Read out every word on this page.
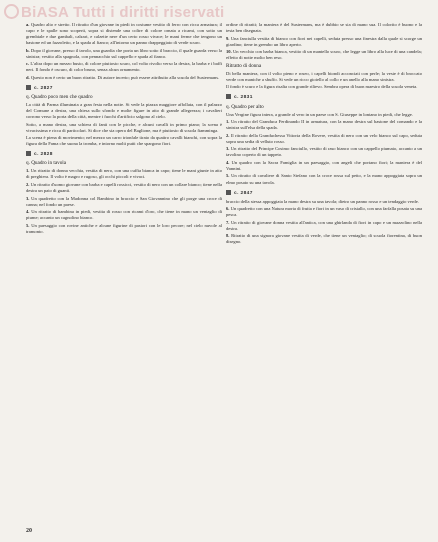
BiASA Tutti i diritti riservati

a. Quadro alto e stretto. Il ritratto d'un giovane in piedi in costume vestito di ferro con ricca armatura; il capo e le spalle sono scoperti, sopra si distende una coltre di colore ornata a ricami, con sotto un grembiale e due gambali, calzari, e calzette nere d'un certo rosso vivace; le mani ferme che tengono un bastone ed un fazzoletto, e la spada al fianco; all'intorno un panno drappeggiato di verde scuro.

b. Dopo il giovane, presso il tavolo, una guardia che porta un libro sotto il braccio, il quale guarda verso la sinistra; vestito alla spagnola, con pennacchio sul cappello e spada al fianco.

c. L'altra dopo un mezzo busto, di colore piuttosto scuro, col volto rivolto verso la destra, la barba e i baffi neri. Il fondo è oscuro, di color bruno, senza alcun ornamento.

d. Questo non è certo un buon ritratto. Di autore incerto; può essere attribuito alla scuola del Sustermans.

c. 2827
q. Quadro poco men che quadro

La città di Parma illuminata a gran festa nella notte. Si vede la piazza maggiore affollata, con il palazzo del Comune a destra, una chiesa sullo sfondo e molte figure in atto di grande allegrezza; i cavalieri corrono verso la porta della città, mentre i fuochi d'artificio salgono al cielo.

Sotto, a mano destra, una schiera di fanti con le picche, e alcuni cavalli in primo piano; la scena è vivacissima e ricca di particolari. Si dice che sia opera del Baglione, ma è piuttosto di scuola fiamminga.

La scena è piena di movimento; nel mezzo un carro trionfale tirato da quattro cavalli bianchi, con sopra la figura della Fama che suona la tromba, e intorno molti putti che spargono fiori.

c. 2828
q. Quadro in tavola

1. Un ritratto di donna vecchia, vestita di nero, con una cuffia bianca in capo; tiene le mani giunte in atto di preghiera. Il volto è magro e rugoso, gli occhi piccoli e vivaci.

2. Un ritratto d'uomo giovane con barba e capelli rossicci, vestito di nero con un collare bianco; tiene nella destra un paio di guanti.

3. Un quadretto con la Madonna col Bambino in braccio e San Giovannino che gli porge una croce di canna; nel fondo un paese.

4. Un ritratto di bambina in piedi, vestita di rosso con ricami d'oro, che tiene in mano un ventaglio di piume; accanto un cagnolino bianco.

5. Un paesaggio con rovine antiche e alcune figurine di pastori con le loro pecore; nel cielo nuvole al tramonto.

ordine di ritratti; la maniera è del Sustermans, ma è dubbio se sia di mano sua. Il colorito è buono e la testa ben disegnata.

9. Una fanciulla vestita di bianco con fiori nei capelli, seduta presso una finestra dalla quale si scorge un giardino; tiene in grembo un libro aperto.

10. Un vecchio con barba bianca, vestito di un mantello scuro, che legge un libro alla luce di una candela; effetto di notte molto ben reso.

Ritratto di donna

Di bella maniera, con il volto pieno e roseo, i capelli biondi acconciati con perle; la veste è di broccato verde con maniche a sbuffo. Si vede un ricco gioiello al collo e un anello alla mano sinistra.

Il fondo è scuro e la figura risalta con grande rilievo. Sembra opera di buon maestro della scuola veneta.

c. 2831
q. Quadro per alto

Una Vergine figura intera, a grande al vero in un paese con S. Giuseppe in lontano in piedi, che legge.

1. Un ritratto del Granduca Ferdinando II in armatura, con la mano destra sul bastone del comando e la sinistra sull'elsa della spada.

2. Il ritratto della Granduchessa Vittoria della Rovere, vestita di nero con un velo bianco sul capo, seduta sopra una sedia di velluto rosso.

3. Un ritratto del Principe Cosimo fanciullo, vestito di raso bianco con un cappello piumato, accanto a un tavolino coperto di un tappeto.

4. Un quadro con la Sacra Famiglia in un paesaggio, con angeli che portano fiori; la maniera è del Vannini.

5. Un ritratto di cavaliere di Santo Stefano con la croce rossa sul petto, e la mano appoggiata sopra un elmo posato su una tavola.

c. 2847

braccio della stessa appoggiata la mano destra su una tavola; dietro un panno rosso e un tendaggio verde.

6. Un quadretto con una Natura morta di frutta e fiori in un vaso di cristallo, con una farfalla posata su una pesca.

7. Un ritratto di giovane donna vestita all'antica, con una ghirlanda di fiori in capo e un mazzolino nella destra.

8. Ritratto di una signora giovane vestita di verde, che tiene un ventaglio; di scuola fiorentina, di buon disegno.

20
